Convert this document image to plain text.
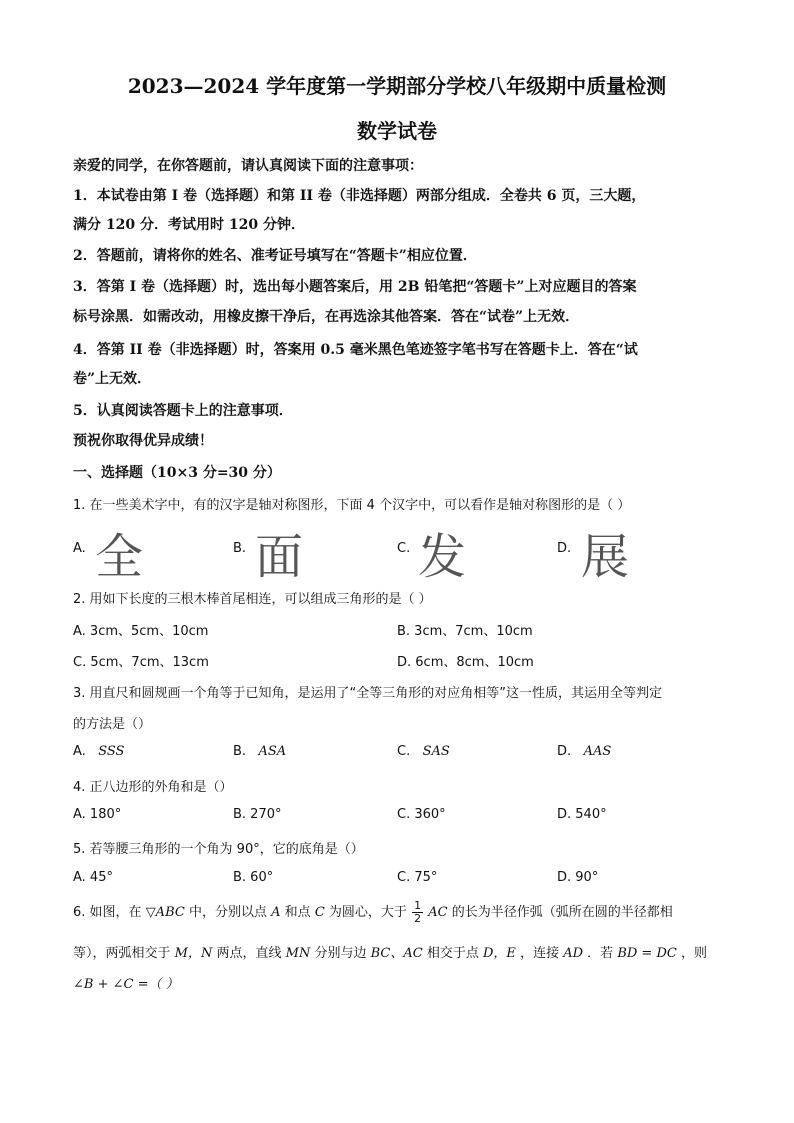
2023—2024 学年度第一学期部分学校八年级期中质量检测
数学试卷
亲爱的同学，在你答题前，请认真阅读下面的注意事项：
1．本试卷由第 I 卷（选择题）和第 II 卷（非选择题）两部分组成．全卷共 6 页，三大题，
满分 120 分．考试用时 120 分钟．
2．答题前，请将你的姓名、准考证号填写在“答题卡”相应位置．
3．答第 I 卷（选择题）时，选出每小题答案后，用 2B 铅笔把“答题卡”上对应题目的答案
标号涂黑．如需改动，用橡皮擦干净后，在再选涂其他答案．答在“试卷”上无效．
4．答第 II 卷（非选择题）时，答案用 0.5 毫米黑色笔迹签字笔书写在答题卡上．答在“试
卷”上无效．
5．认真阅读答题卡上的注意事项．
预祝你取得优异成绩！
一、选择题（10×3 分=30 分）
1. 在一些美术字中，有的汉字是轴对称图形，下面 4 个汉字中，可以看作是轴对称图形的是（ ）
A. 全	B. 面	C. 发	D. 展
2. 用如下长度的三根木棒首尾相连，可以组成三角形的是（ ）
A. 3cm、5cm、10cm	B. 3cm、7cm、10cm
C. 5cm、7cm、13cm	D. 6cm、8cm、10cm
3. 用直尺和圆规画一个角等于已知角，是运用了“全等三角形的对应角相等”这一性质，其运用全等判定
的方法是（）
A. SSS	B. ASA	C. SAS	D. AAS
4. 正八边形的外角和是（）
A. 180°	B. 270°	C. 360°	D. 540°
5. 若等腰三角形的一个角为 90°，它的底角是（）
A. 45°	B. 60°	C. 75°	D. 90°
6. 如图，在 ▽ABC 中，分别以点 A 和点 C 为圆心，大于 $\frac{1}{2}$ AC 的长为半径作弧（弧所在圆的半径都相
等），两弧相交于 M，N 两点，直线 MN 分别与边 BC、AC 相交于点 D，E ，连接 AD ．若 BD = DC ，则
∠B + ∠C =（ ）
